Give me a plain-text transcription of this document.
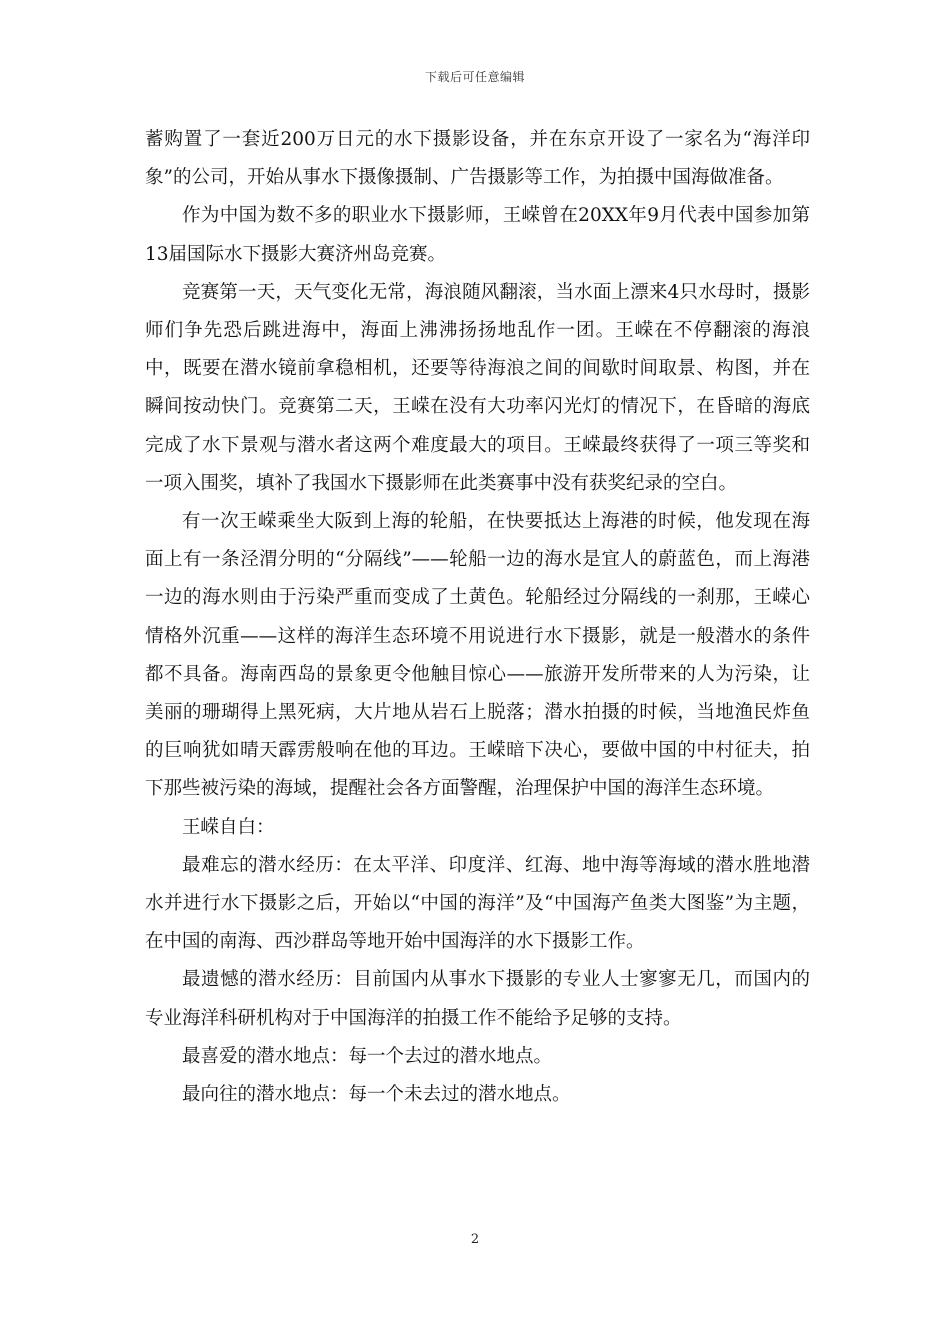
下载后可任意编辑

蓄购置了一套近200万日元的水下摄影设备，并在东京开设了一家名为“海洋印象”的公司，开始从事水下摄像摄制、广告摄影等工作，为拍摄中国海做准备。

作为中国为数不多的职业水下摄影师，王嵘曾在20XX年9月代表中国参加第13届国际水下摄影大赛济州岛竞赛。

竞赛第一天，天气变化无常，海浪随风翻滚，当水面上漂来4只水母时，摄影师们争先恐后跳进海中，海面上沸沸扬扬地乱作一团。王嵘在不停翻滚的海浪中，既要在潜水镜前拿稳相机，还要等待海浪之间的间歇时间取景、构图，并在瞬间按动快门。竞赛第二天，王嵘在没有大功率闪光灯的情况下，在昏暗的海底完成了水下景观与潜水者这两个难度最大的项目。王嵘最终获得了一项三等奖和一项入围奖，填补了我国水下摄影师在此类赛事中没有获奖纪录的空白。

有一次王嵘乘坐大阪到上海的轮船，在快要抵达上海港的时候，他发现在海面上有一条泾渭分明的“分隔线”——轮船一边的海水是宜人的蔚蓝色，而上海港一边的海水则由于污染严重而变成了土黄色。轮船经过分隔线的一刹那，王嵘心情格外沉重——这样的海洋生态环境不用说进行水下摄影，就是一般潜水的条件都不具备。海南西岛的景象更令他触目惊心——旅游开发所带来的人为污染，让美丽的珊瑚得上黑死病，大片地从岩石上脱落；潜水拍摄的时候，当地渔民炸鱼的巨响犹如晴天霹雳般响在他的耳边。王嵘暗下决心，要做中国的中村征夫，拍下那些被污染的海域，提醒社会各方面警醒，治理保护中国的海洋生态环境。

王嵘自白：

最难忘的潜水经历：在太平洋、印度洋、红海、地中海等海域的潜水胜地潜水并进行水下摄影之后，开始以“中国的海洋”及“中国海产鱼类大图鉴”为主题，在中国的南海、西沙群岛等地开始中国海洋的水下摄影工作。

最遗憾的潜水经历：目前国内从事水下摄影的专业人士寥寥无几，而国内的专业海洋科研机构对于中国海洋的拍摄工作不能给予足够的支持。

最喜爱的潜水地点：每一个去过的潜水地点。

最向往的潜水地点：每一个未去过的潜水地点。

2
